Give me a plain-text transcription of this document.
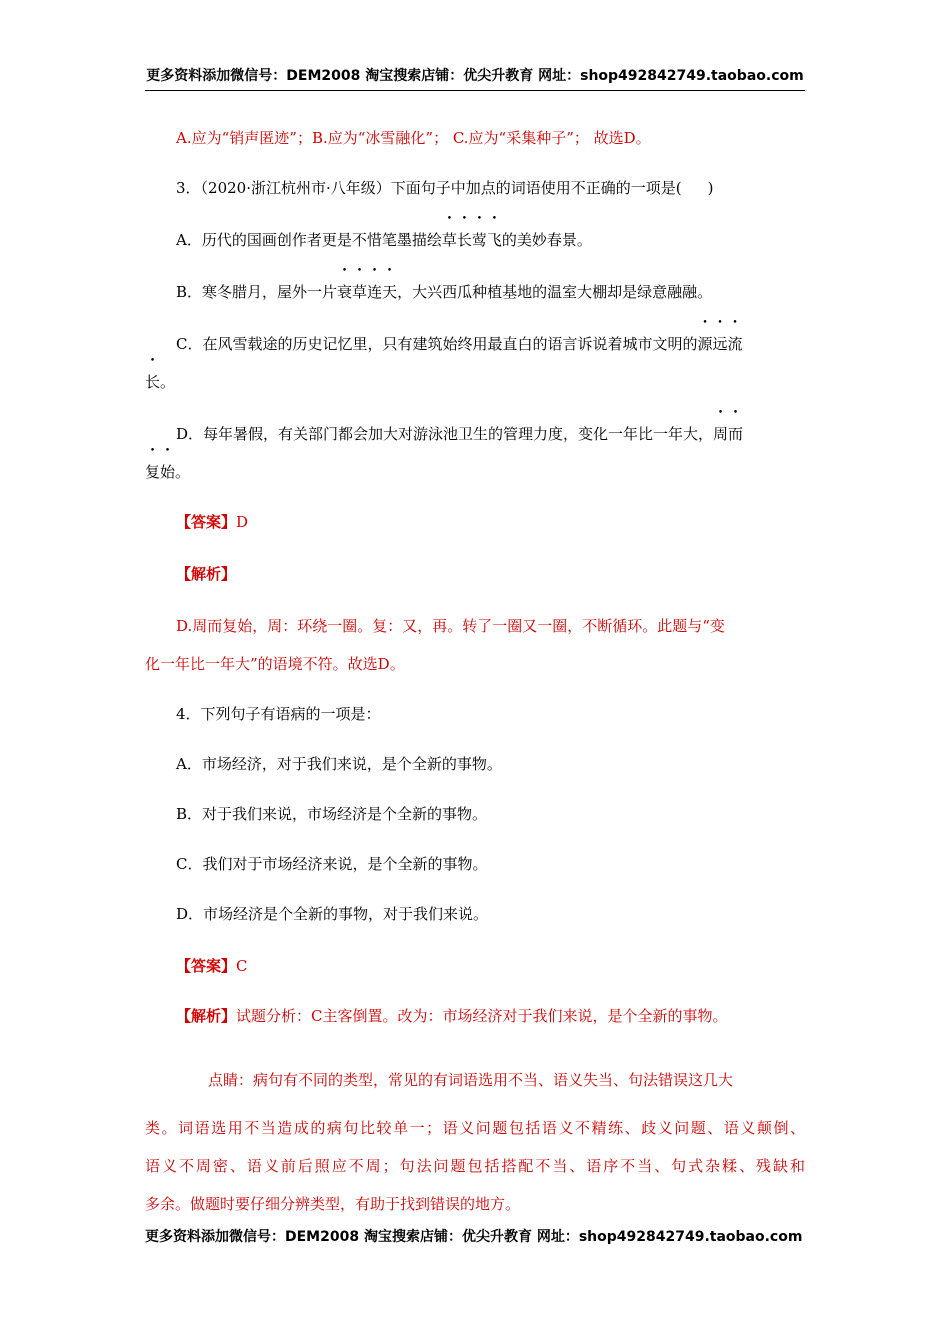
更多资料添加微信号：DEM2008 淘宝搜索店铺：优尖升教育 网址：shop492842749.taobao.com
A.应为“销声匿迹”；B.应为“冰雪融化”； C.应为“采集种子”； 故选D。
3．（2020·浙江杭州市·八年级）下面句子中加点的词语使用不正确的一项是( )
A．历代的国画创作者更是不惜笔墨描绘草长莺飞的美妙春景。
B．寒冬腊月，屋外一片衰草连天，大兴西瓜种植基地的温室大棚却是绿意融融。
C．在风雪载途的历史记忆里，只有建筑始终用最直白的语言诉说着城市文明的源远流
长。
D．每年暑假，有关部门都会加大对游泳池卫生的管理力度，变化一年比一年大，周而
复始。
【答案】D
【解析】
D.周而复始，周：环绕一圈。复：又，再。转了一圈又一圈，不断循环。此题与“变
化一年比一年大”的语境不符。故选D。
4．下列句子有语病的一项是：
A．市场经济，对于我们来说，是个全新的事物。
B．对于我们来说，市场经济是个全新的事物。
C．我们对于市场经济来说，是个全新的事物。
D．市场经济是个全新的事物，对于我们来说。
【答案】C
【解析】试题分析：C主客倒置。改为：市场经济对于我们来说，是个全新的事物。
点睛：病句有不同的类型，常见的有词语选用不当、语义失当、句法错误这几大
类。词语选用不当造成的病句比较单一；语义问题包括语义不精练、歧义问题、语义颠倒、
语义不周密、语义前后照应不周；句法问题包括搭配不当、语序不当、句式杂糅、残缺和
多余。做题时要仔细分辨类型，有助于找到错误的地方。
更多资料添加微信号：DEM2008 淘宝搜索店铺：优尖升教育 网址：shop492842749.taobao.com
